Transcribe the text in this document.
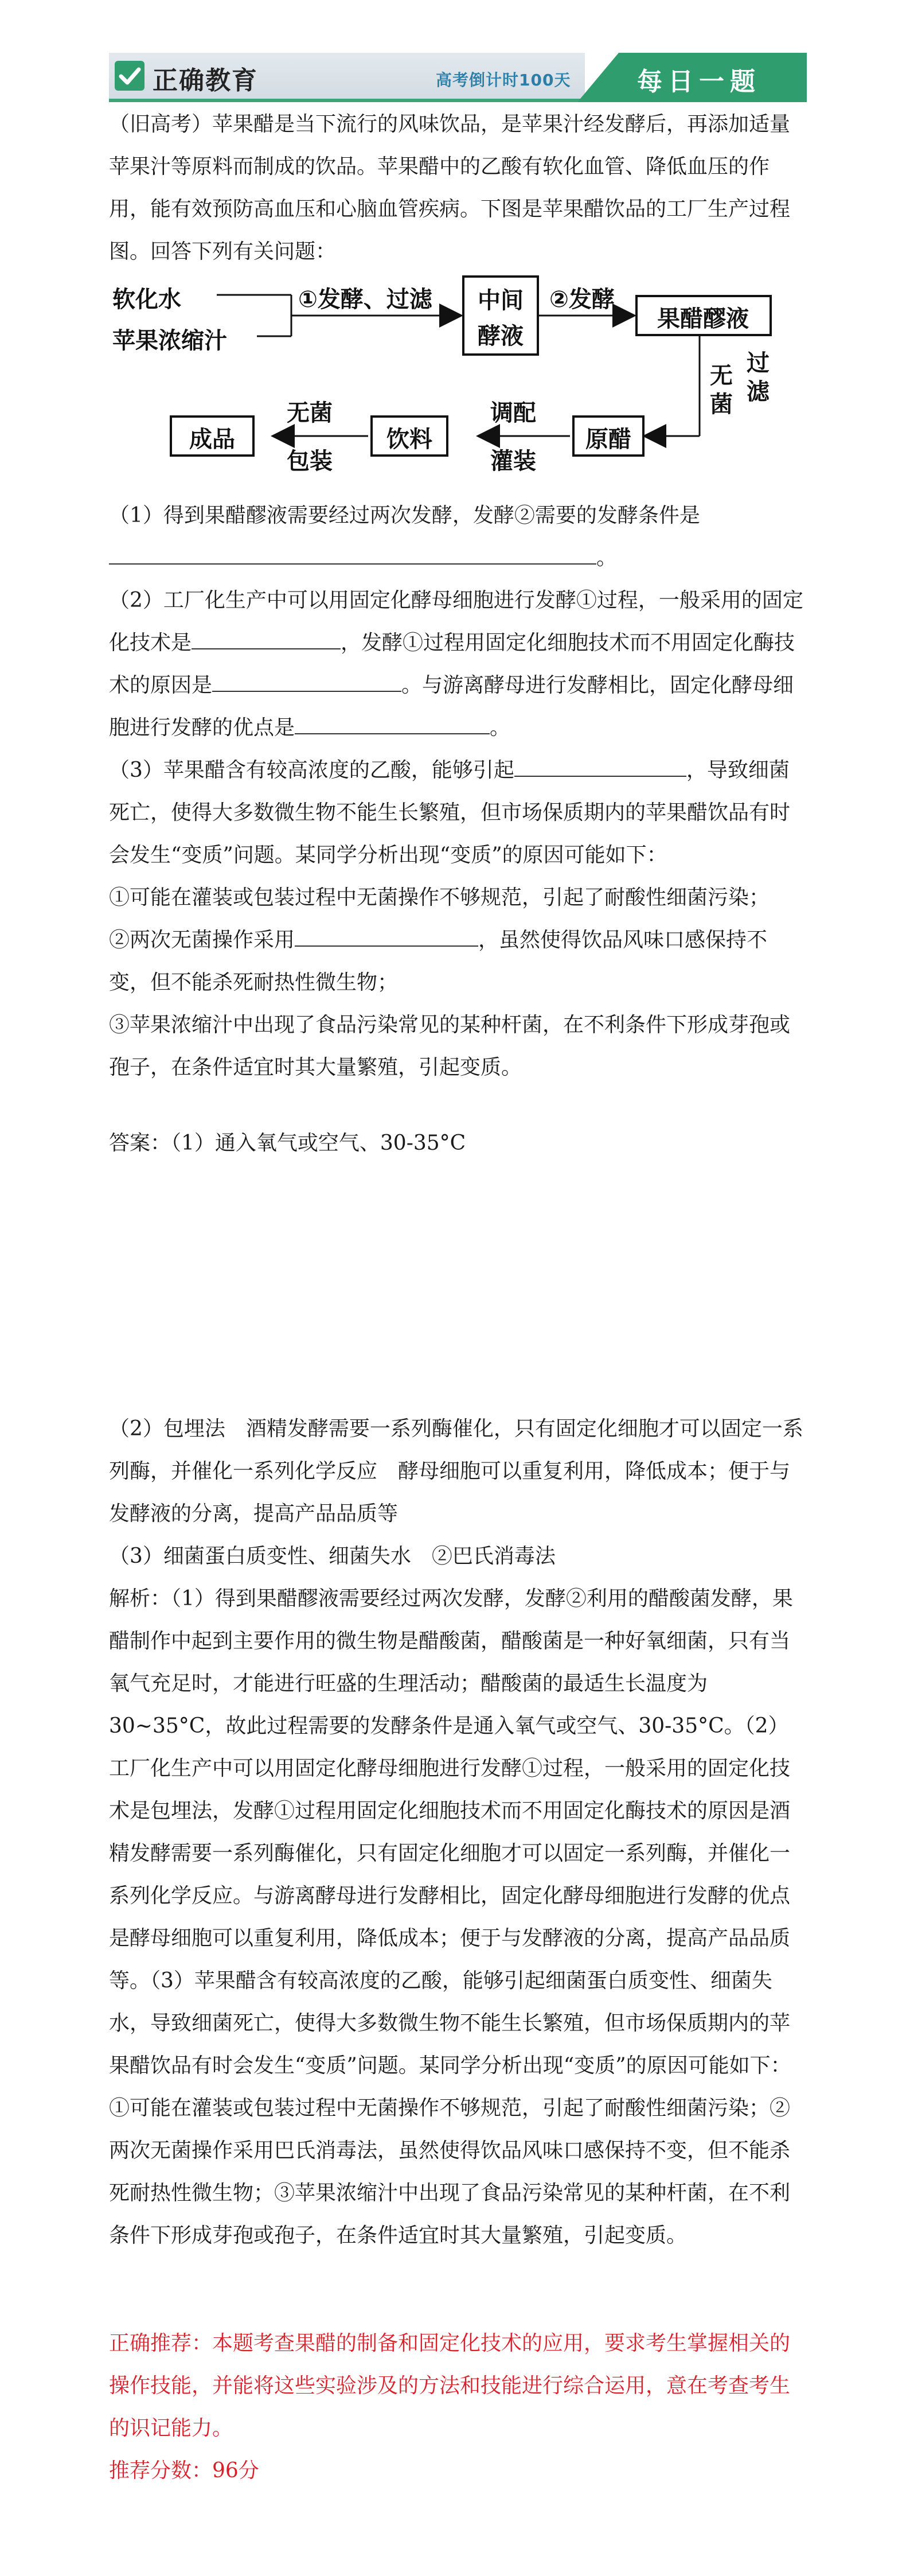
正确教育	高考倒计时100天	每日一题

（旧高考）苹果醋是当下流行的风味饮品，是苹果汁经发酵后，再添加适量苹果汁等原料而制成的饮品。苹果醋中的乙酸有软化血管、降低血压的作用，能有效预防高血压和心脑血管疾病。下图是苹果醋饮品的工厂生产过程图。回答下列有关问题：

软化水
苹果浓缩汁
①发酵、过滤 中间
酵液
②发酵
果醋醪液
无菌
过滤
原醋
调配
灌装
饮料
无菌
包装
成品

（1）得到果醋醪液需要经过两次发酵，发酵②需要的发酵条件是。

（2）工厂化生产中可以用固定化酵母细胞进行发酵①过程，一般采用的固定化技术是	，发酵①过程用固定化细胞技术而不用固定化酶技术的原因是	。与游离酵母进行发酵相比，固定化酵母细胞进行发酵的优点是	。

（3）苹果醋含有较高浓度的乙酸，能够引起	，导致细菌死亡，使得大多数微生物不能生长繁殖，但市场保质期内的苹果醋饮品有时会发生“变质”问题。某同学分析出现“变质”的原因可能如下：
①可能在灌装或包装过程中无菌操作不够规范，引起了耐酸性细菌污染；
②两次无菌操作采用	，虽然使得饮品风味口感保持不变，但不能杀死耐热性微生物；
③苹果浓缩汁中出现了食品污染常见的某种杆菌，在不利条件下形成芽孢或孢子，在条件适宜时其大量繁殖，引起变质。

答案：（1）通入氧气或空气、30-35°C

（2）包埋法　酒精发酵需要一系列酶催化，只有固定化细胞才可以固定一系列酶，并催化一系列化学反应　酵母细胞可以重复利用，降低成本；便于与发酵液的分离，提高产品品质等

（3）细菌蛋白质变性、细菌失水　②巴氏消毒法

解析：（1）得到果醋醪液需要经过两次发酵，发酵②利用的醋酸菌发酵，果醋制作中起到主要作用的微生物是醋酸菌，醋酸菌是一种好氧细菌，只有当氧气充足时，才能进行旺盛的生理活动；醋酸菌的最适生长温度为30~35°C，故此过程需要的发酵条件是通入氧气或空气、30-35°C。（2）工厂化生产中可以用固定化酵母细胞进行发酵①过程，一般采用的固定化技术是包埋法，发酵①过程用固定化细胞技术而不用固定化酶技术的原因是酒精发酵需要一系列酶催化，只有固定化细胞才可以固定一系列酶，并催化一系列化学反应。与游离酵母进行发酵相比，固定化酵母细胞进行发酵的优点是酵母细胞可以重复利用，降低成本；便于与发酵液的分离，提高产品品质等。（3）苹果醋含有较高浓度的乙酸，能够引起细菌蛋白质变性、细菌失水，导致细菌死亡，使得大多数微生物不能生长繁殖，但市场保质期内的苹果醋饮品有时会发生“变质”问题。某同学分析出现“变质”的原因可能如下：①可能在灌装或包装过程中无菌操作不够规范，引起了耐酸性细菌污染；②两次无菌操作采用巴氏消毒法，虽然使得饮品风味口感保持不变，但不能杀死耐热性微生物；③苹果浓缩汁中出现了食品污染常见的某种杆菌，在不利条件下形成芽孢或孢子，在条件适宜时其大量繁殖，引起变质。

正确推荐：本题考查果醋的制备和固定化技术的应用，要求考生掌握相关的操作技能，并能将这些实验涉及的方法和技能进行综合运用，意在考查考生的识记能力。

推荐分数：96分
